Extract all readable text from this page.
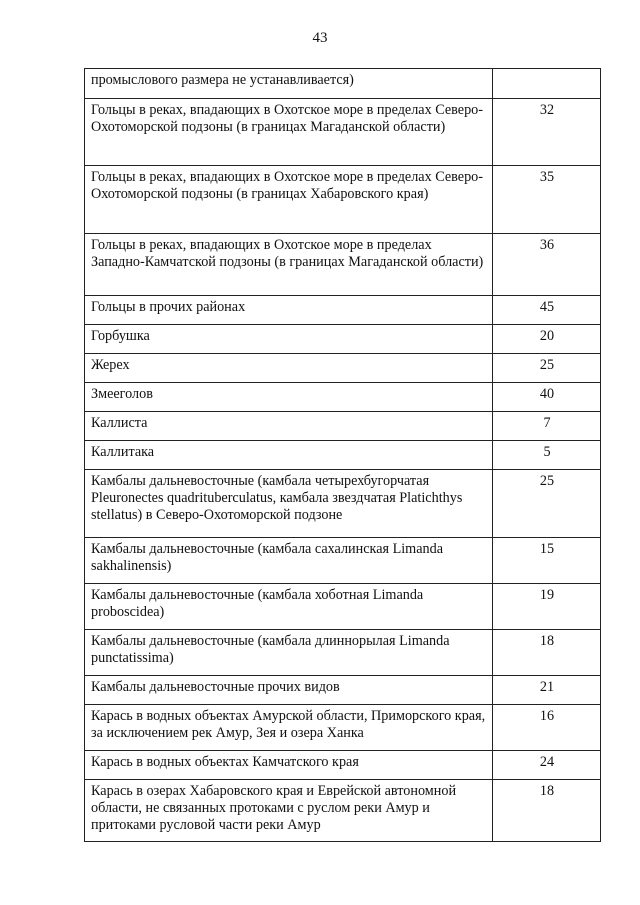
43
промыслового размера не устанавливается)	
Гольцы в реках, впадающих в Охотское море в пределах Северо-Охотоморской подзоны (в границах Магаданской области)	32
Гольцы в реках, впадающих в Охотское море в пределах Северо-Охотоморской подзоны (в границах Хабаровского края)	35
Гольцы в реках, впадающих в Охотское море в пределах Западно-Камчатской подзоны (в границах Магаданской области)	36
Гольцы в прочих районах	45
Горбушка	20
Жерех	25
Змееголов	40
Каллиста	7
Каллитака	5
Камбалы дальневосточные (камбала четырехбугорчатая Pleuronectes quadrituberculatus, камбала звездчатая Platichthys stellatus) в Северо-Охотоморской подзоне	25
Камбалы дальневосточные (камбала сахалинская Limanda sakhalinensis)	15
Камбалы дальневосточные (камбала хоботная Limanda proboscidea)	19
Камбалы дальневосточные (камбала длиннорылая Limanda punctatissima)	18
Камбалы дальневосточные прочих видов	21
Карась в водных объектах Амурской области, Приморского края, за исключением рек Амур, Зея и озера Ханка	16
Карась в водных объектах Камчатского края	24
Карась в озерах Хабаровского края и Еврейской автономной области, не связанных протоками с руслом реки Амур и притоками русловой части реки Амур	18
